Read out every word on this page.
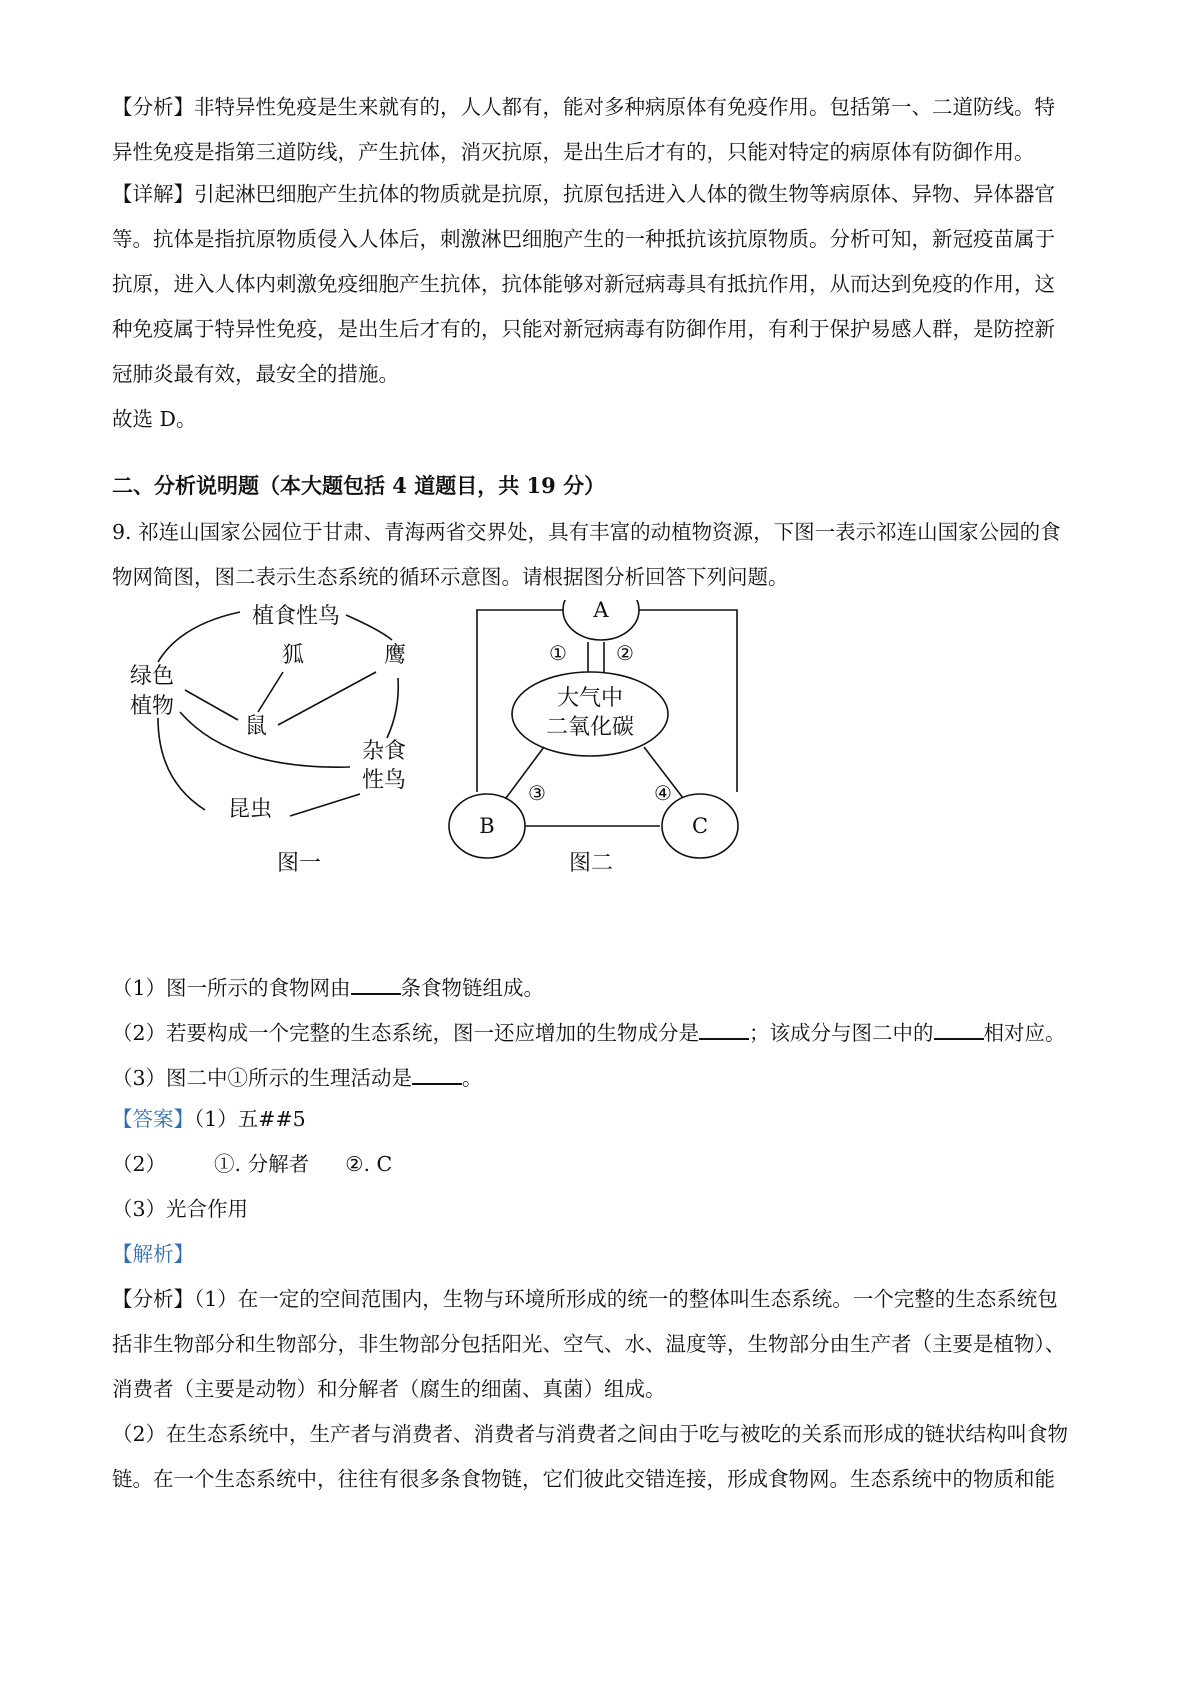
【分析】非特异性免疫是生来就有的，人人都有，能对多种病原体有免疫作用。包括第一、二道防线。特
异性免疫是指第三道防线，产生抗体，消灭抗原，是出生后才有的，只能对特定的病原体有防御作用。
【详解】引起淋巴细胞产生抗体的物质就是抗原，抗原包括进入人体的微生物等病原体、异物、异体器官
等。抗体是指抗原物质侵入人体后，刺激淋巴细胞产生的一种抵抗该抗原物质。分析可知，新冠疫苗属于
抗原，进入人体内刺激免疫细胞产生抗体，抗体能够对新冠病毒具有抵抗作用，从而达到免疫的作用，这
种免疫属于特异性免疫，是出生后才有的，只能对新冠病毒有防御作用，有利于保护易感人群，是防控新
冠肺炎最有效，最安全的措施。
故选 D。
二、分析说明题（本大题包括 4 道题目，共 19 分）
9. 祁连山国家公园位于甘肃、青海两省交界处，具有丰富的动植物资源，下图一表示祁连山国家公园的食
物网简图，图二表示生态系统的循环示意图。请根据图分析回答下列问题。
绿色
植物
植食性鸟
狐	鹰
鼠
杂食
性鸟
昆虫
图一
A
大气中
二氧化碳
B	C
① ②
③	④
图二
（1）图一所示的食物网由 条食物链组成。
（2）若要构成一个完整的生态系统，图一还应增加的生物成分是 ；该成分与图二中的 相对应。
（3）图二中①所示的生理活动是 。
【答案】（1）五##5
（2） ①. 分解者 ②. C
（3）光合作用
【解析】
【分析】（1）在一定的空间范围内，生物与环境所形成的统一的整体叫生态系统。一个完整的生态系统包
括非生物部分和生物部分，非生物部分包括阳光、空气、水、温度等，生物部分由生产者（主要是植物）、
消费者（主要是动物）和分解者（腐生的细菌、真菌）组成。
（2）在生态系统中，生产者与消费者、消费者与消费者之间由于吃与被吃的关系而形成的链状结构叫食物
链。在一个生态系统中，往往有很多条食物链，它们彼此交错连接，形成食物网。生态系统中的物质和能
